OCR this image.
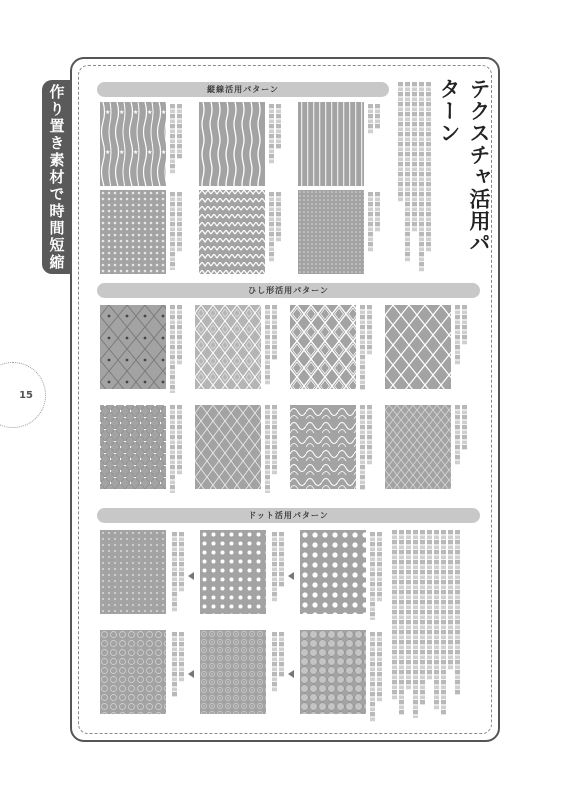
作り置き素材で時間短縮
15
テクスチャ活用パターン
縦線活用パターン
ひし形活用パターン
ドット活用パターン
